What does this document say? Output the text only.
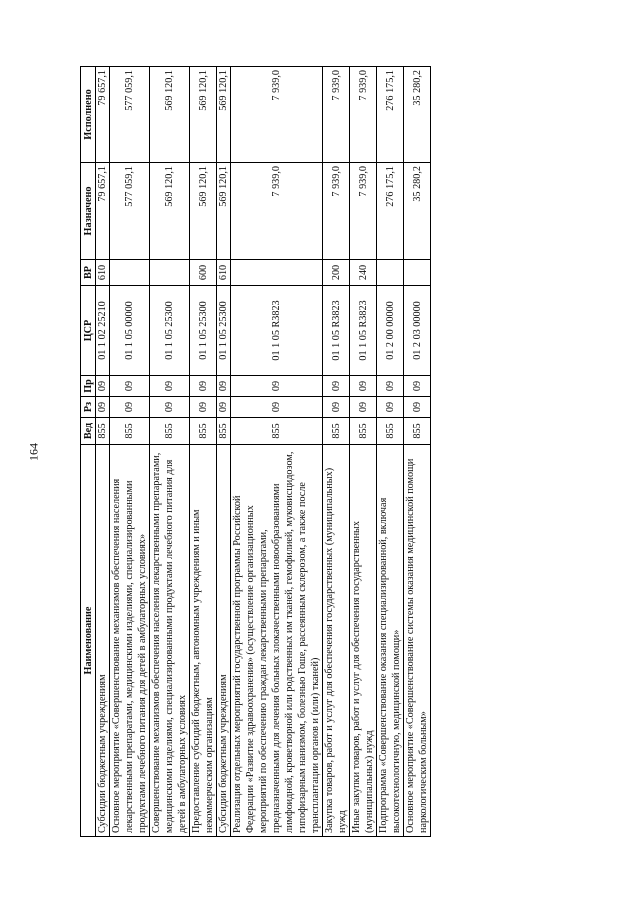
164
Наименование	Вед	Рз	Пр	ЦСР	ВР	Назначено	Исполнено
Субсидии бюджетным учреждениям	855	09	09	01 1 02 25210	610	79 657,1	79 657,1
Основное мероприятие «Совершенствование механизмов обеспечения населения лекарственными препаратами, медицинскими изделиями, специализированными продуктами лечебного питания для детей в амбулаторных условиях»	855	09	09	01 1 05 00000		577 059,1	577 059,1
Совершенствование механизмов обеспечения населения лекарственными препаратами, медицинскими изделиями, специализированными продуктами лечебного питания для детей в амбулаторных условиях	855	09	09	01 1 05 25300		569 120,1	569 120,1
Предоставление субсидий бюджетным, автономным учреждениям и иным некоммерческим организациям	855	09	09	01 1 05 25300	600	569 120,1	569 120,1
Субсидии бюджетным учреждениям	855	09	09	01 1 05 25300	610	569 120,1	569 120,1
Реализация отдельных мероприятий государственной программы Российской Федерации «Развитие здравоохранения» (осуществление организационных мероприятий по обеспечению граждан лекарственными препаратами, предназначенными для лечения больных злокачественными новообразованиями лимфоидной, кроветворной или родственных им тканей, гемофилией, муковисцидозом, гипофизарным нанизмом, болезнью Гоше, рассеянным склерозом, а также после трансплантации органов и (или) тканей)	855	09	09	01 1 05 R3823		7 939,0	7 939,0
Закупка товаров, работ и услуг для обеспечения государственных (муниципальных) нужд	855	09	09	01 1 05 R3823	200	7 939,0	7 939,0
Иные закупки товаров, работ и услуг для обеспечения государственных (муниципальных) нужд	855	09	09	01 1 05 R3823	240	7 939,0	7 939,0
Подпрограмма «Совершенствование оказания специализированной, включая высокотехнологичную, медицинской помощи»	855	09	09	01 2 00 00000		276 175,1	276 175,1
Основное мероприятие «Совершенствование системы оказания медицинской помощи наркологическим больным»	855	09	09	01 2 03 00000		35 280,2	35 280,2
